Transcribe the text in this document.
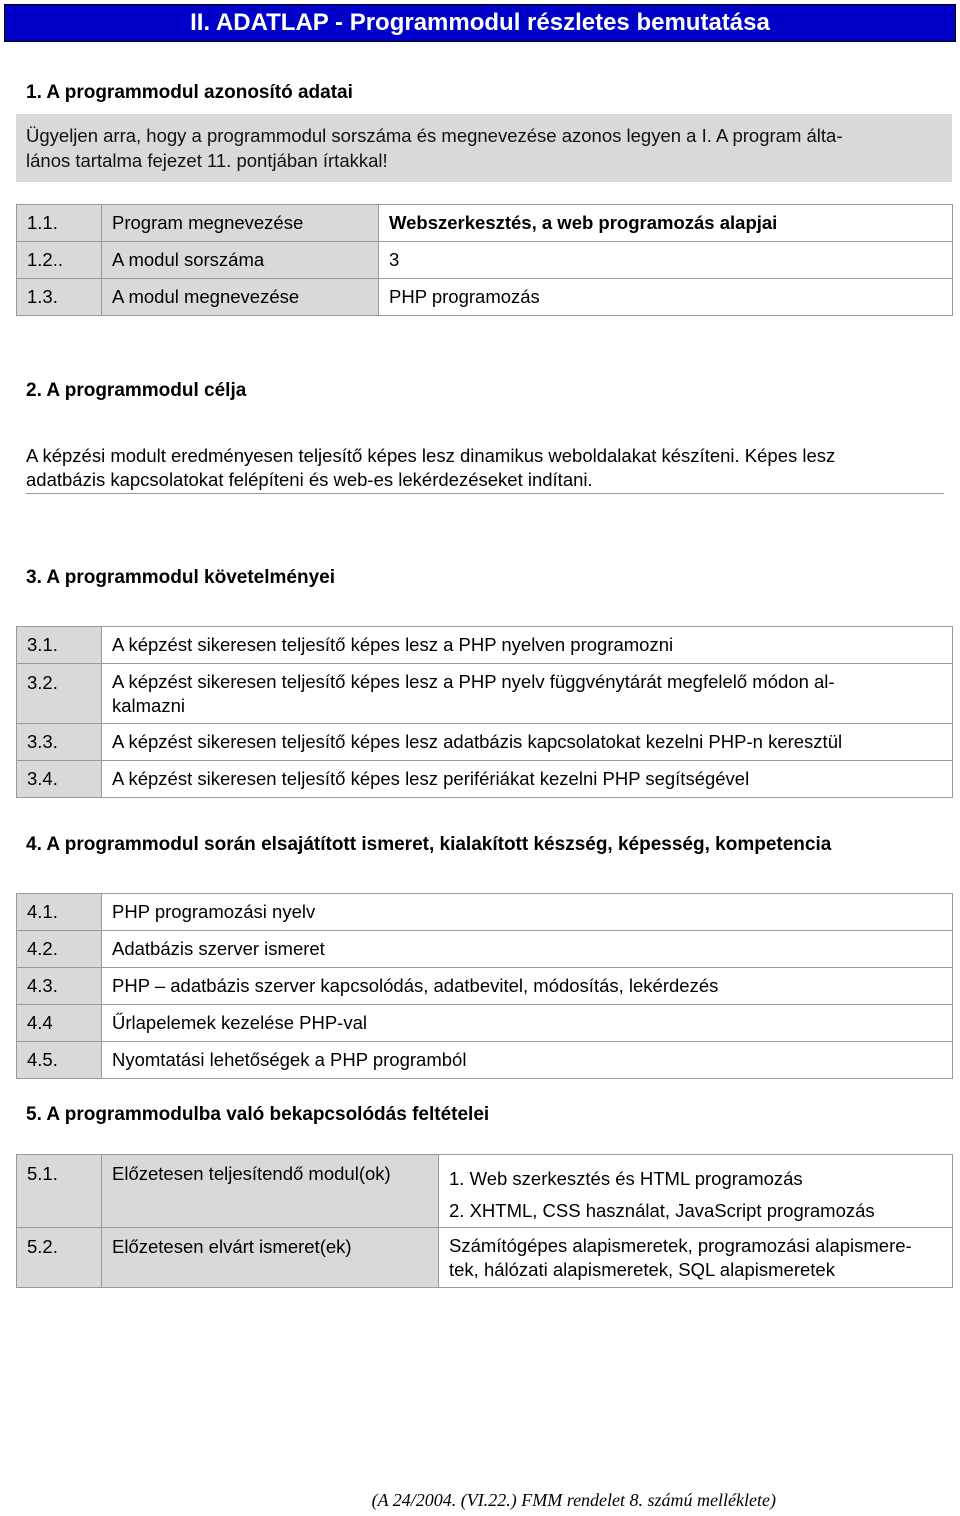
II. ADATLAP - Programmodul részletes bemutatása
1. A programmodul azonosító adatai
Ügyeljen arra, hogy a programmodul sorszáma és megnevezése azonos legyen a I. A program álta-
lános tartalma fejezet 11. pontjában írtakkal!
1.1.	Program megnevezése	Webszerkesztés, a web programozás alapjai
1.2..	A modul sorszáma	3
1.3.	A modul megnevezése	PHP programozás
2. A programmodul célja
A képzési modult eredményesen teljesítő képes lesz dinamikus weboldalakat készíteni. Képes lesz
adatbázis kapcsolatokat felépíteni és web-es lekérdezéseket indítani.
3. A programmodul követelményei
3.1.	A képzést sikeresen teljesítő képes lesz a PHP nyelven programozni
3.2.	A képzést sikeresen teljesítő képes lesz a PHP nyelv függvénytárát megfelelő módon al-
kalmazni

3.3.	A képzést sikeresen teljesítő képes lesz adatbázis kapcsolatokat kezelni PHP-n keresztül
3.4.	A képzést sikeresen teljesítő képes lesz perifériákat kezelni PHP segítségével
4. A programmodul során elsajátított ismeret, kialakított készség, képesség, kompetencia
4.1.	PHP programozási nyelv
4.2.	Adatbázis szerver ismeret
4.3.	PHP – adatbázis szerver kapcsolódás, adatbevitel, módosítás, lekérdezés
4.4	Űrlapelemek kezelése PHP-val
4.5.	Nyomtatási lehetőségek a PHP programból
5. A programmodulba való bekapcsolódás feltételei
5.1.	Előzetesen teljesítendő modul(ok)	1. Web szerkesztés és HTML programozás
2. XHTML, CSS használat, JavaScript programozás

5.2.	Előzetesen elvárt ismeret(ek)	Számítógépes alapismeretek, programozási alapismere-
tek, hálózati alapismeretek, SQL alapismeretek
(A 24/2004. (VI.22.) FMM rendelet 8. számú melléklete)
